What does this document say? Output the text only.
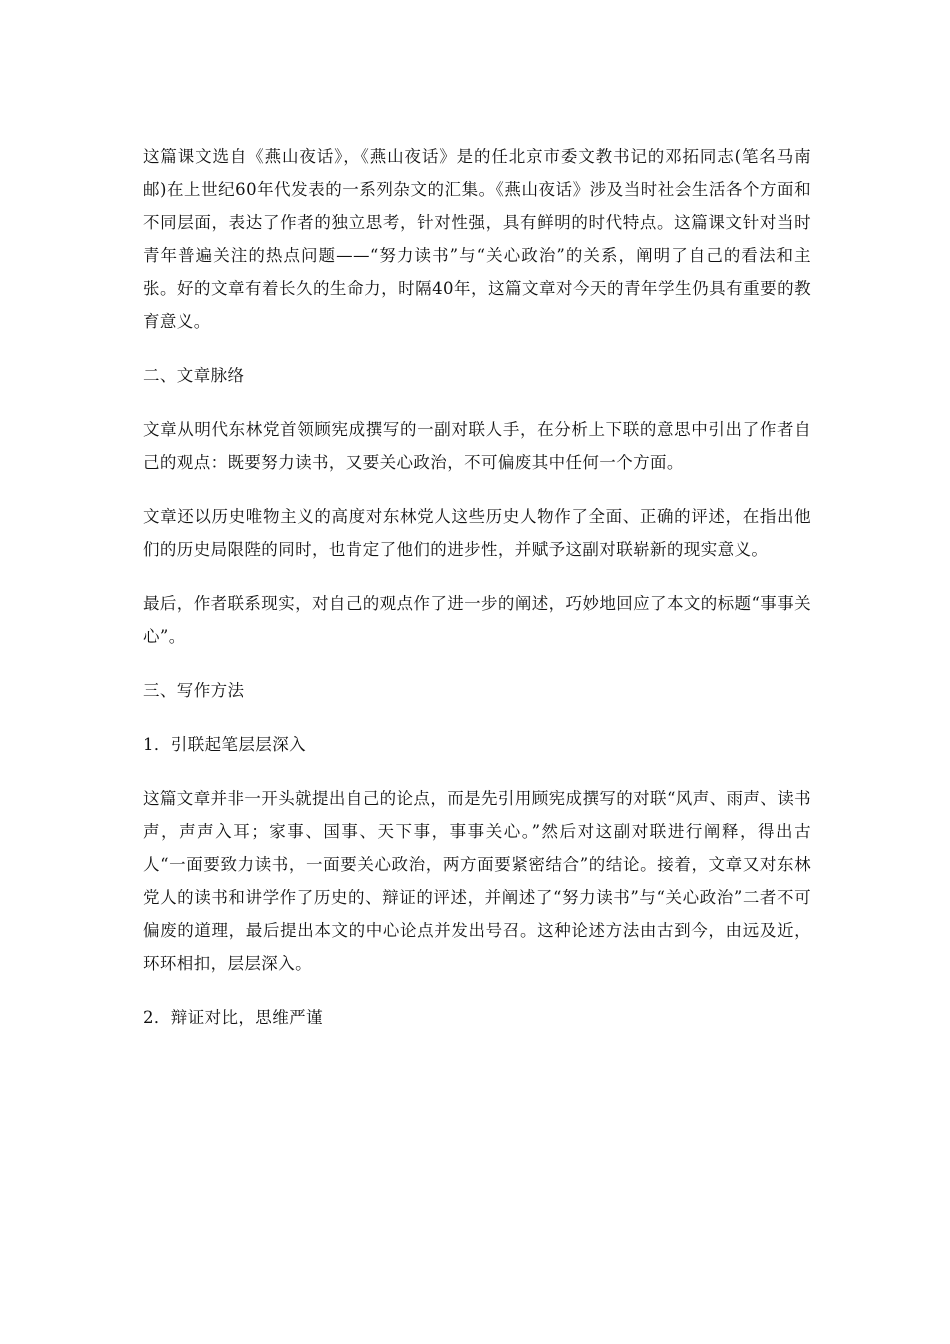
这篇课文选自《燕山夜话》，《燕山夜话》是的任北京市委文教书记的邓拓同志(笔名马南邮)在上世纪60年代发表的一系列杂文的汇集。《燕山夜话》涉及当时社会生活各个方面和不同层面，表达了作者的独立思考，针对性强，具有鲜明的时代特点。这篇课文针对当时青年普遍关注的热点问题——“努力读书”与“关心政治”的关系，阐明了自己的看法和主张。好的文章有着长久的生命力，时隔40年，这篇文章对今天的青年学生仍具有重要的教育意义。

二、文章脉络

文章从明代东林党首领顾宪成撰写的一副对联人手，在分析上下联的意思中引出了作者自己的观点：既要努力读书，又要关心政治，不可偏废其中任何一个方面。

文章还以历史唯物主义的高度对东林党人这些历史人物作了全面、正确的评述，在指出他们的历史局限陛的同时，也肯定了他们的进步性，并赋予这副对联崭新的现实意义。

最后，作者联系现实，对自己的观点作了进一步的阐述，巧妙地回应了本文的标题“事事关心”。

三、写作方法

1．引联起笔层层深入

这篇文章并非一开头就提出自己的论点，而是先引用顾宪成撰写的对联“风声、雨声、读书声，声声入耳；家事、国事、天下事，事事关心。”然后对这副对联进行阐释，得出古人“一面要致力读书，一面要关心政治，两方面要紧密结合”的结论。接着，文章又对东林党人的读书和讲学作了历史的、辩证的评述，并阐述了“努力读书”与“关心政治”二者不可偏废的道理，最后提出本文的中心论点并发出号召。这种论述方法由古到今，由远及近，环环相扣，层层深入。

2．辩证对比，思维严谨
